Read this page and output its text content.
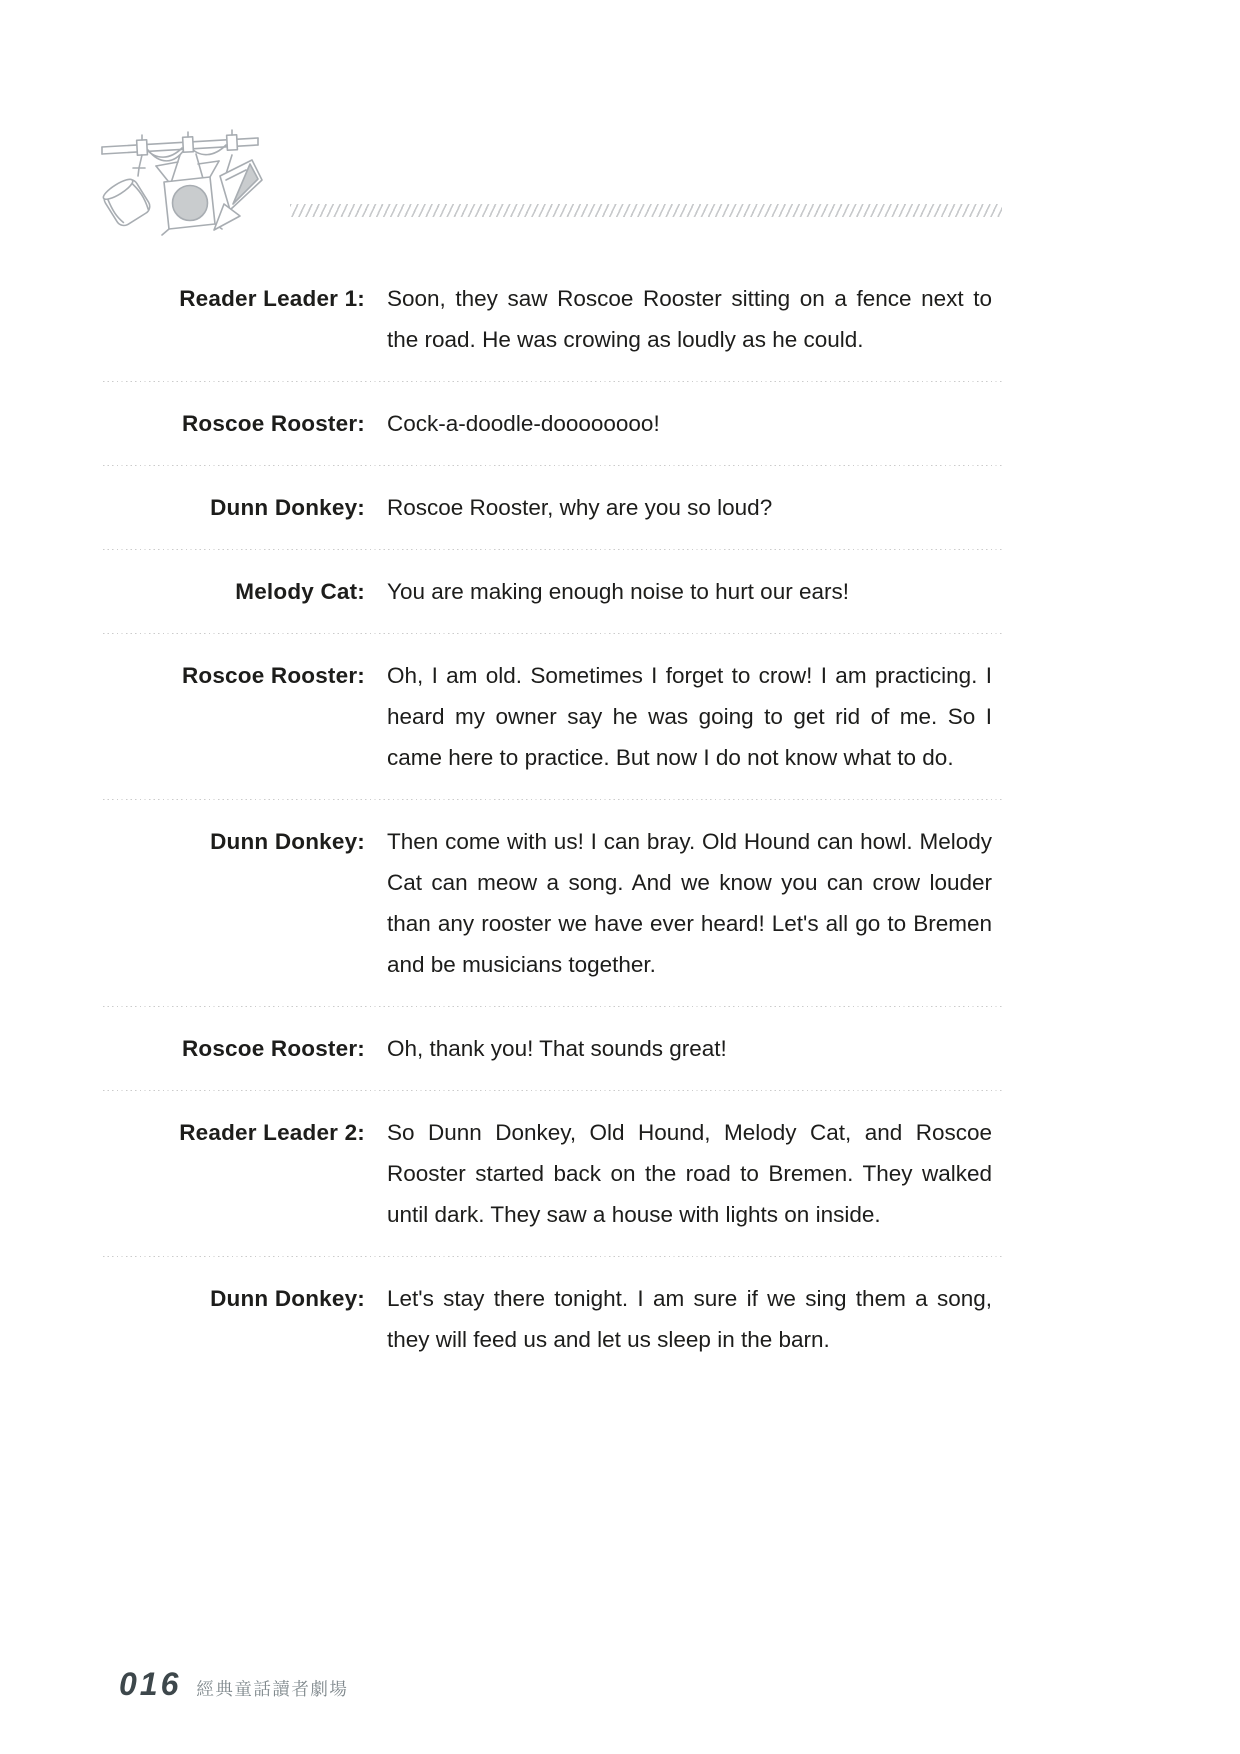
Reader Leader 1: Soon, they saw Roscoe Rooster sitting on a fence next to the road. He was crowing as loudly as he could.
Roscoe Rooster: Cock-a-doodle-doooooooo!
Dunn Donkey: Roscoe Rooster, why are you so loud?
Melody Cat: You are making enough noise to hurt our ears!
Roscoe Rooster: Oh, I am old. Sometimes I forget to crow! I am practicing. I heard my owner say he was going to get rid of me. So I came here to practice. But now I do not know what to do.
Dunn Donkey: Then come with us! I can bray. Old Hound can howl. Melody Cat can meow a song. And we know you can crow louder than any rooster we have ever heard! Let's all go to Bremen and be musicians together.
Roscoe Rooster: Oh, thank you! That sounds great!
Reader Leader 2: So Dunn Donkey, Old Hound, Melody Cat, and Roscoe Rooster started back on the road to Bremen. They walked until dark. They saw a house with lights on inside.
Dunn Donkey: Let's stay there tonight. I am sure if we sing them a song, they will feed us and let us sleep in the barn.
016 經典童話讀者劇場
